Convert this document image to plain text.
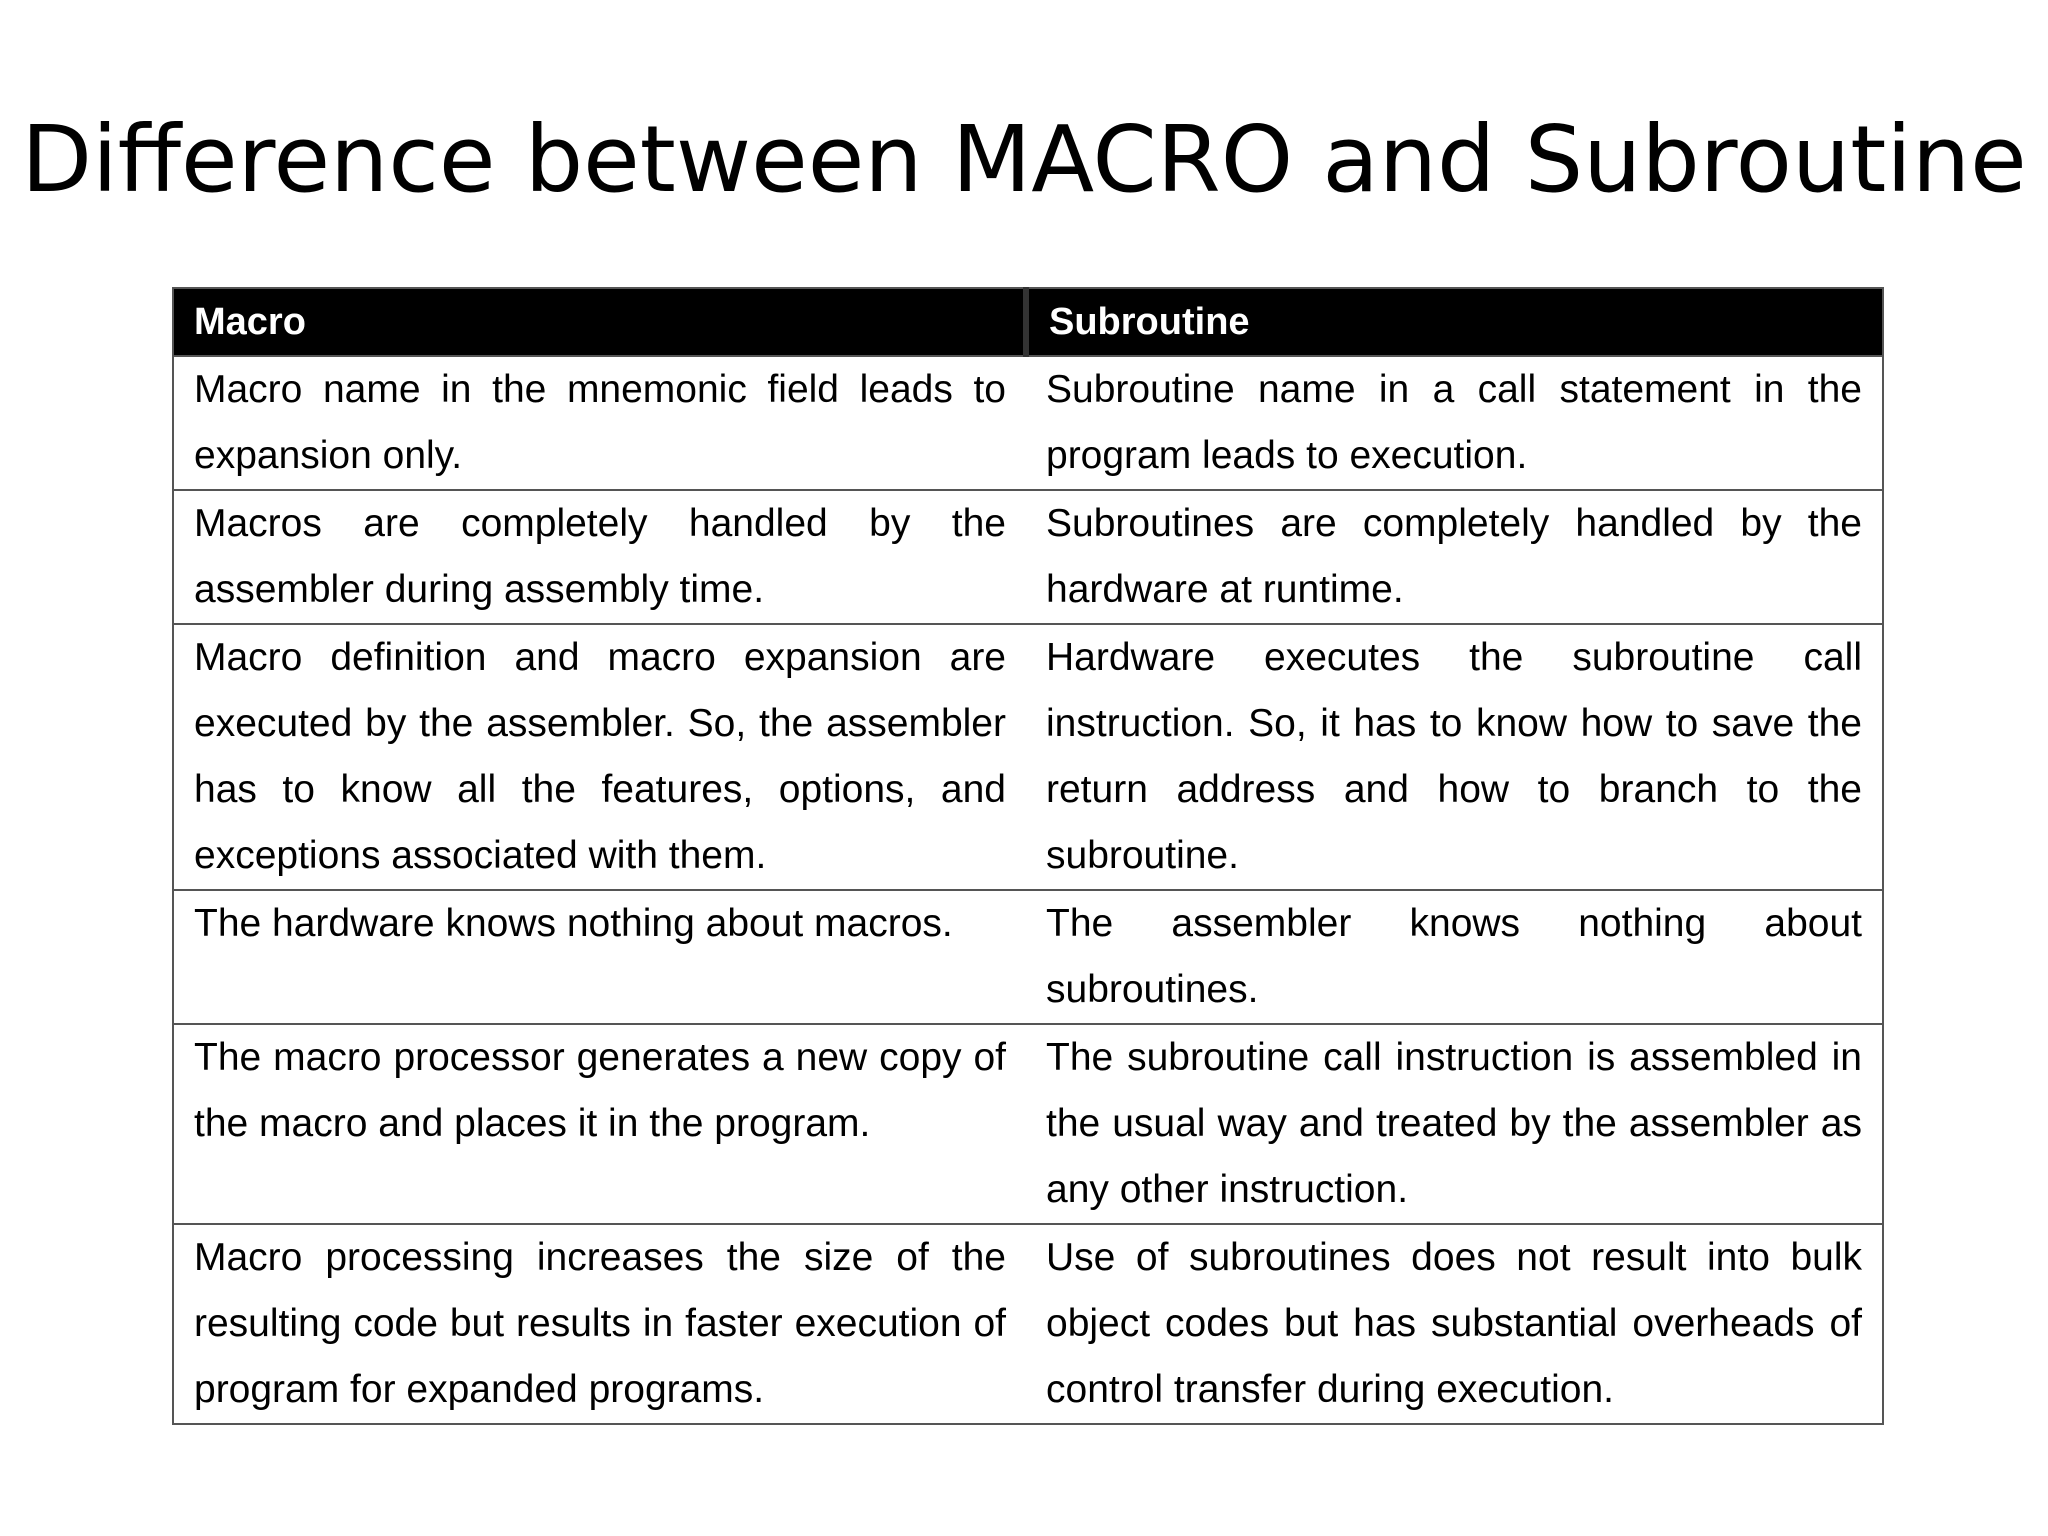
Difference between MACRO and Subroutine
Macro	Subroutine
Macro name in the mnemonic field leads to expansion only.	Subroutine name in a call statement in the program leads to execution.
Macros are completely handled by the assembler during assembly time.	Subroutines are completely handled by the hardware at runtime.
Macro definition and macro expansion are executed by the assembler. So, the assembler has to know all the features, options, and exceptions associated with them.	Hardware executes the subroutine call instruction. So, it has to know how to save the return address and how to branch to the subroutine.
The hardware knows nothing about macros.	The assembler knows nothing about subroutines.
The macro processor generates a new copy of the macro and places it in the program.	The subroutine call instruction is assembled in the usual way and treated by the assembler as any other instruction.
Macro processing increases the size of the resulting code but results in faster execution of program for expanded programs.	Use of subroutines does not result into bulk object codes but has substantial overheads of control transfer during execution.
